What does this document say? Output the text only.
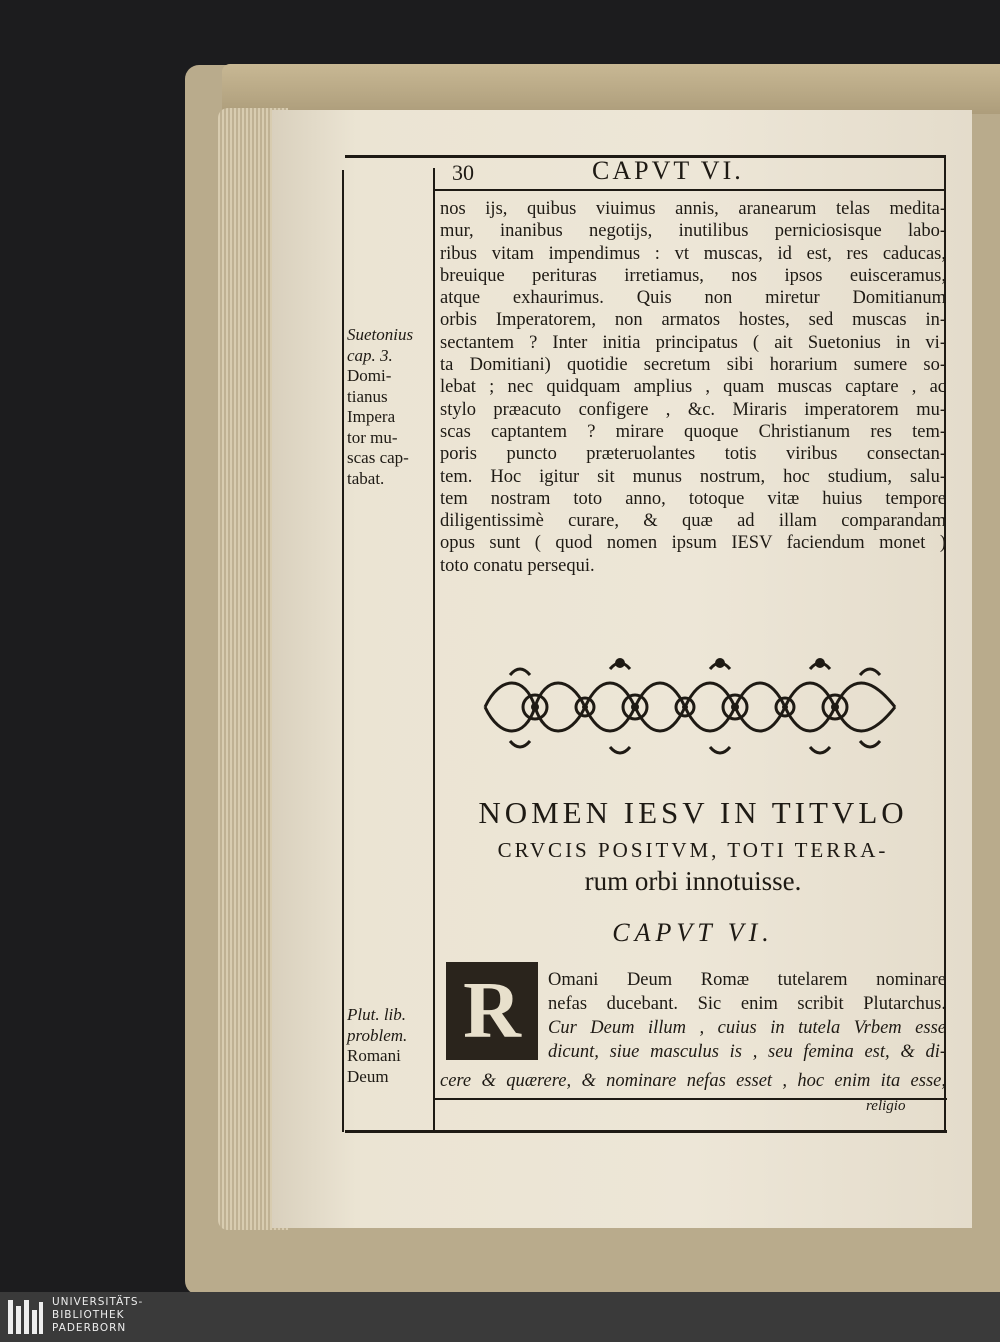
30	CAPVT VI.
nos ijs, quibus viuimus annis, aranearum telas medita-
mur, inanibus negotijs, inutilibus perniciosisque labo-
ribus vitam impendimus : vt muscas, id est, res caducas,
breuique perituras irretiamus, nos ipsos euisceramus,
atque exhaurimus. Quis non miretur Domitianum
orbis Imperatorem, non armatos hostes, sed muscas in-
sectantem ? Inter initia principatus ( ait Suetonius in vi-
ta Domitiani) quotidie secretum sibi horarium sumere so-
lebat ; nec quidquam amplius , quam muscas captare , ac
stylo præacuto configere , &c. Miraris imperatorem mu-
scas captantem ? mirare quoque Christianum res tem-
poris puncto præteruolantes totis viribus consectan-
tem. Hoc igitur sit munus nostrum, hoc studium, salu-
tem nostram toto anno, totoque vitæ huius tempore
diligentissimè curare, & quæ ad illam comparandam
opus sunt ( quod nomen ipsum IESV faciendum monet )
toto conatu persequi.
Suetonius
cap. 3.
Domi-
tianus
Impera
tor mu-
scas cap-
tabat.
Plut. lib.
problem.
Romani
Deum
NOMEN IESV IN TITVLO
CRVCIS POSITVM, TOTI TERRA-
rum orbi innotuisse.
CAPVT VI.
R	Omani Deum Romæ tutelarem nominare
nefas ducebant. Sic enim scribit Plutarchus.
Cur Deum illum , cuius in tutela Vrbem esse
dicunt, siue masculus is , seu femina est, & di-
cere & quærere, & nominare nefas esset , hoc enim ita esse,
religio
UNIVERSITÄTS-
BIBLIOTHEK
PADERBORN
